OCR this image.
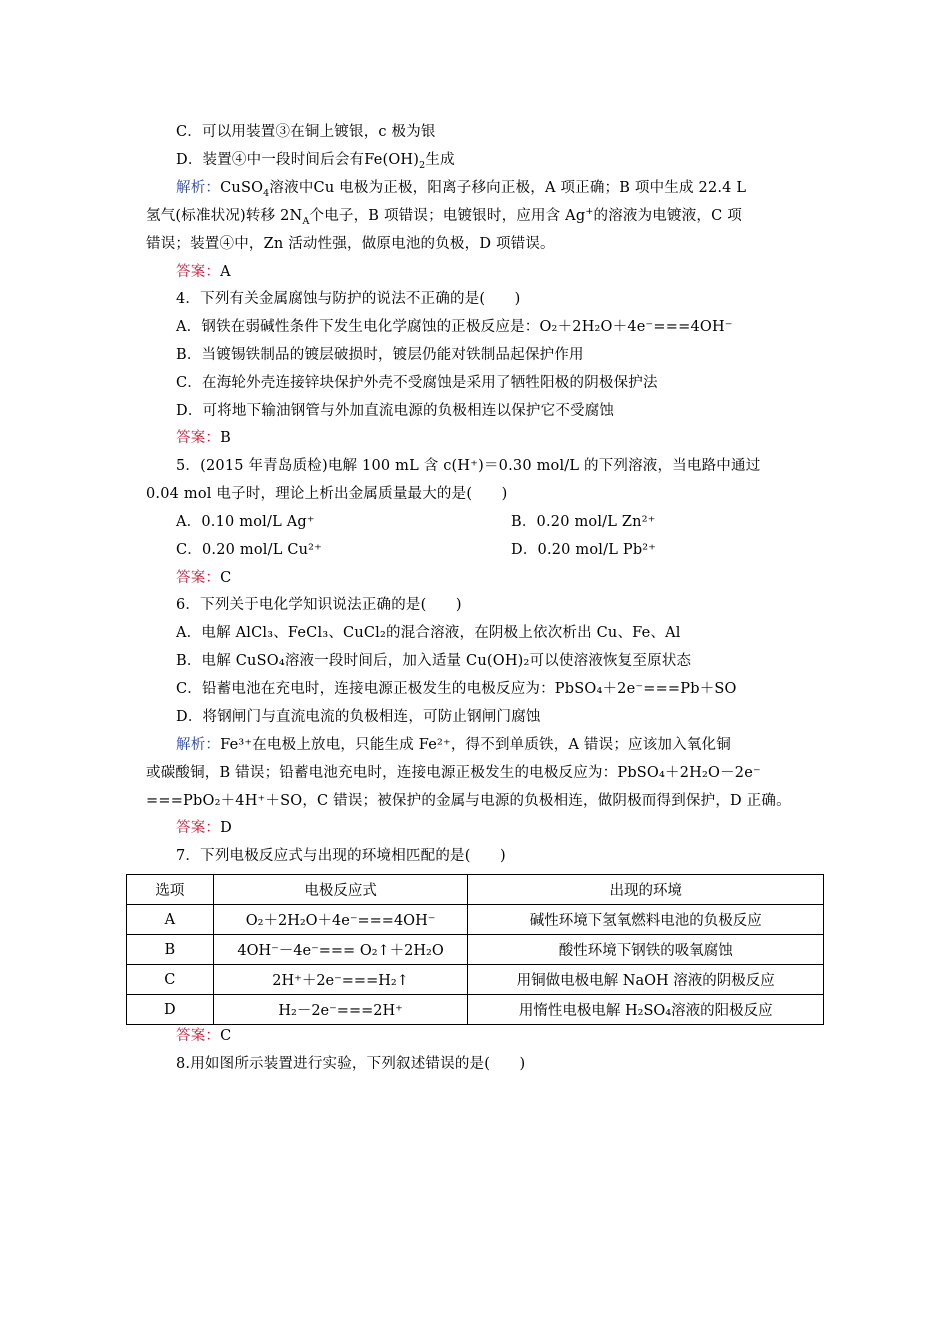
C．可以用装置③在铜上镀银，c 极为银
D．装置④中一段时间后会有$Fe(OH)_2$生成
解析：CuSO$_4$溶液中Cu 电极为正极，阳离子移向正极，A 项正确；B 项中生成 22.4 L
氢气(标准状况)转移 $2N_A$个电子，B 项错误；电镀银时，应用含 Ag+的溶液为电镀液，C 项
错误；装置④中，Zn 活动性强，做原电池的负极，D 项错误。
答案：A
4．下列有关金属腐蚀与防护的说法不正确的是(　　)
A．钢铁在弱碱性条件下发生电化学腐蚀的正极反应是：O₂＋2H₂O＋4e⁻===4OH⁻
B．当镀锡铁制品的镀层破损时，镀层仍能对铁制品起保护作用
C．在海轮外壳连接锌块保护外壳不受腐蚀是采用了牺牲阳极的阴极保护法
D．可将地下输油钢管与外加直流电源的负极相连以保护它不受腐蚀
答案：B
5．(2015 年青岛质检)电解 100 mL 含 c(H⁺)＝0.30 mol/L 的下列溶液，当电路中通过
0.04 mol 电子时，理论上析出金属质量最大的是(　　)
A．0.10 mol/L Ag⁺	B．0.20 mol/L Zn²⁺
C．0.20 mol/L Cu²⁺	D．0.20 mol/L Pb²⁺
答案：C
6．下列关于电化学知识说法正确的是(　　)
A．电解 AlCl₃、FeCl₃、CuCl₂的混合溶液，在阴极上依次析出 Cu、Fe、Al
B．电解 CuSO₄溶液一段时间后，加入适量 Cu(OH)₂可以使溶液恢复至原状态
C．铅蓄电池在充电时，连接电源正极发生的电极反应为：PbSO₄＋2e⁻===Pb＋SO
D．将钢闸门与直流电流的负极相连，可防止钢闸门腐蚀
解析：Fe³⁺在电极上放电，只能生成 Fe²⁺，得不到单质铁，A 错误；应该加入氧化铜
或碳酸铜，B 错误；铅蓄电池充电时，连接电源正极发生的电极反应为：PbSO₄＋2H₂O－2e⁻
===PbO₂＋4H⁺＋SO，C 错误；被保护的金属与电源的负极相连，做阴极而得到保护，D 正确。
答案：D
7．下列电极反应式与出现的环境相匹配的是(　　)
选项	电极反应式	出现的环境
A	O₂＋2H₂O＋4e⁻===4OH⁻	碱性环境下氢氧燃料电池的负极反应
B	4OH⁻－4e⁻=== O₂↑＋2H₂O	酸性环境下钢铁的吸氧腐蚀
C	2H⁺＋2e⁻===H₂↑	用铜做电极电解 NaOH 溶液的阴极反应
D	H₂－2e⁻===2H⁺	用惰性电极电解 H₂SO₄溶液的阳极反应
答案：C
8.用如图所示装置进行实验，下列叙述错误的是(　　)
